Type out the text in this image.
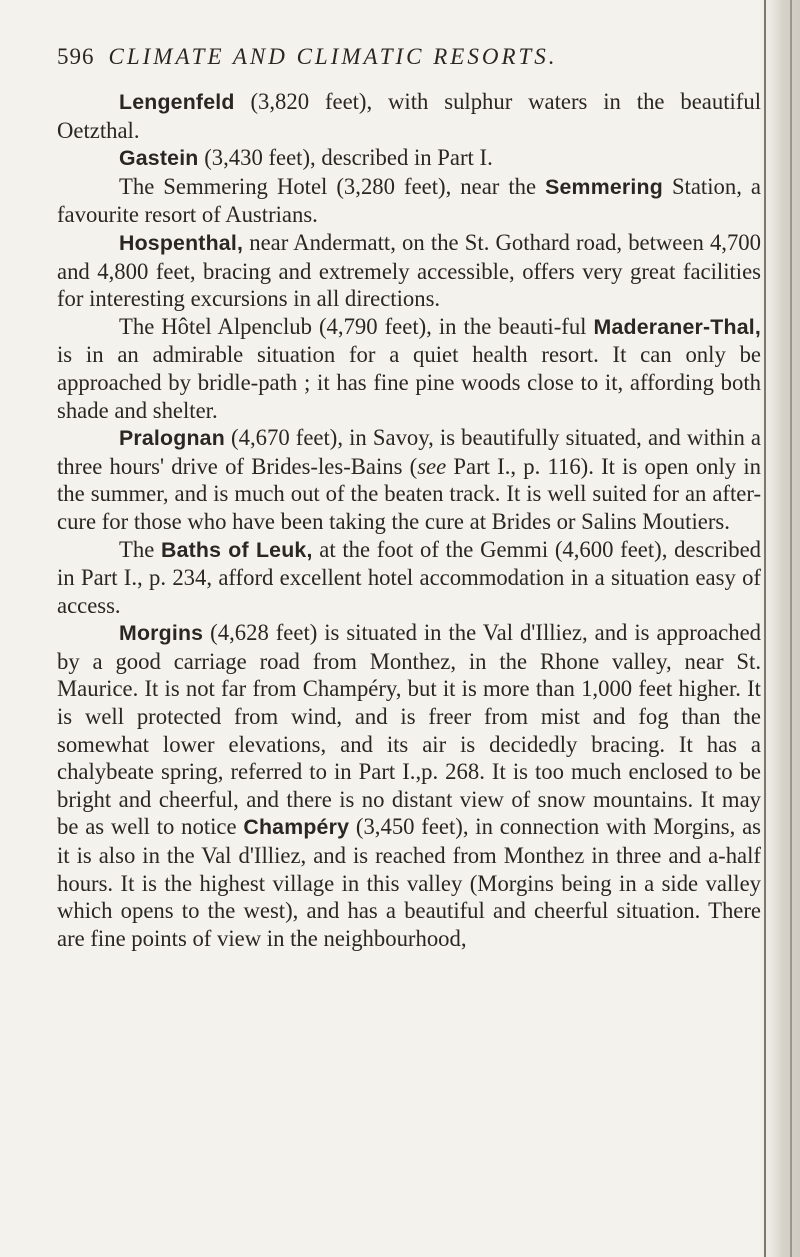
596 CLIMATE AND CLIMATIC RESORTS.

Lengenfeld (3,820 feet), with sulphur waters in the beautiful Oetzthal.

Gastein (3,430 feet), described in Part I.

The Semmering Hotel (3,280 feet), near the Semmering Station, a favourite resort of Austrians.

Hospenthal, near Andermatt, on the St. Gothard road, between 4,700 and 4,800 feet, bracing and extremely accessible, offers very great facilities for interesting excursions in all directions.

The Hôtel Alpenclub (4,790 feet), in the beauti-ful Maderaner-Thal, is in an admirable situation for a quiet health resort. It can only be approached by bridle-path ; it has fine pine woods close to it, affording both shade and shelter.

Pralognan (4,670 feet), in Savoy, is beautifully situated, and within a three hours' drive of Brides-les-Bains (see Part I., p. 116). It is open only in the summer, and is much out of the beaten track. It is well suited for an after-cure for those who have been taking the cure at Brides or Salins Moutiers.

The Baths of Leuk, at the foot of the Gemmi (4,600 feet), described in Part I., p. 234, afford excellent hotel accommodation in a situation easy of access.

Morgins (4,628 feet) is situated in the Val d'Illiez, and is approached by a good carriage road from Monthez, in the Rhone valley, near St. Maurice. It is not far from Champéry, but it is more than 1,000 feet higher. It is well protected from wind, and is freer from mist and fog than the somewhat lower elevations, and its air is decidedly bracing. It has a chalybeate spring, referred to in Part I.,p. 268. It is too much enclosed to be bright and cheerful, and there is no distant view of snow mountains. It may be as well to notice Champéry (3,450 feet), in connection with Morgins, as it is also in the Val d'Illiez, and is reached from Monthez in three and a-half hours. It is the highest village in this valley (Morgins being in a side valley which opens to the west), and has a beautiful and cheerful situation. There are fine points of view in the neighbourhood,
